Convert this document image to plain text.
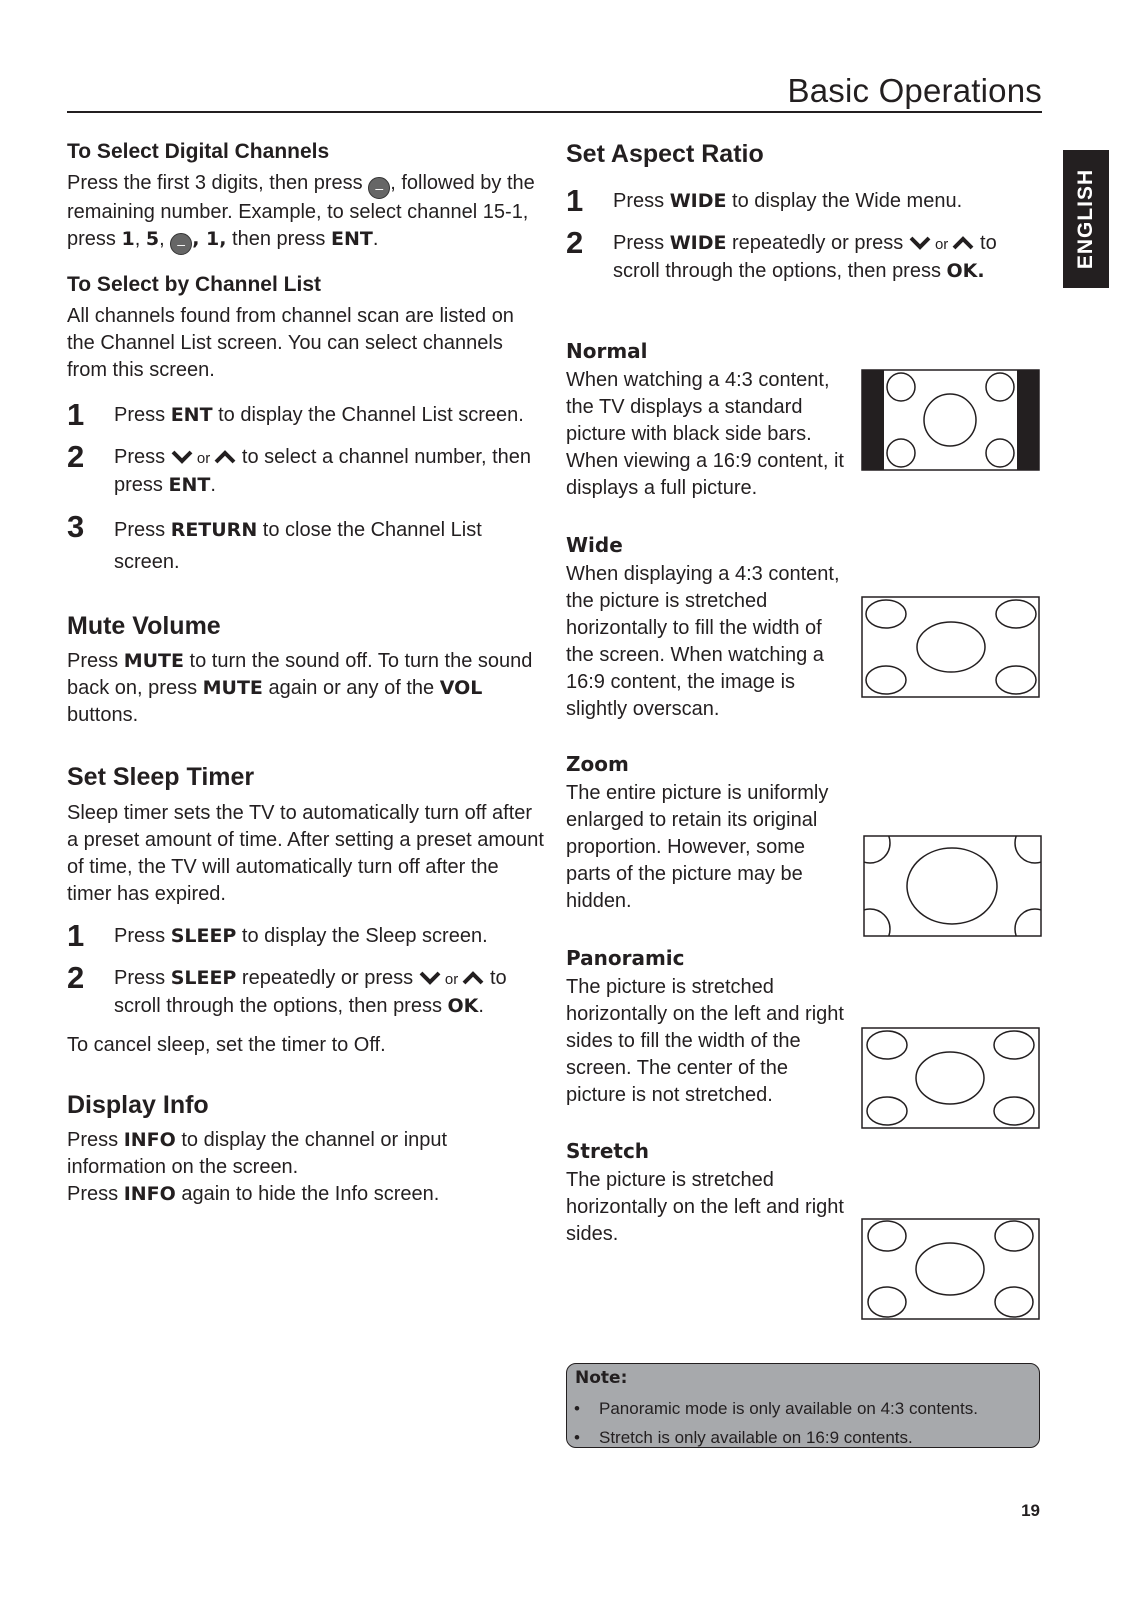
Basic Operations
ENGLISH
To Select Digital Channels

Press the first 3 digits, then press – , followed by the remaining number. Example, to select channel 15-1, press 1, 5, – , 1, then press ENT.

To Select by Channel List

All channels found from channel scan are listed on the Channel List screen. You can select channels from this screen.

1 Press ENT to display the Channel List screen.
2 Press  or  to select a channel number, then press ENT.
3 Press RETURN to close the Channel List screen.
Mute Volume

Press MUTE to turn the sound off. To turn the sound back on, press MUTE again or any of the VOL buttons.

Set Sleep Timer

Sleep timer sets the TV to automatically turn off after a preset amount of time. After setting a preset amount of time, the TV will automatically turn off after the timer has expired.

1 Press SLEEP to display the Sleep screen.
2 Press SLEEP repeatedly or press  or  to scroll through the options, then press OK.

To cancel sleep, set the timer to Off.

Display Info

Press INFO to display the channel or input information on the screen.

Press INFO again to hide the Info screen.

Set Aspect Ratio
1 Press WIDE to display the Wide menu.
2 Press WIDE repeatedly or press  or  to scroll through the options, then press OK.
Normal

When watching a 4:3 content, the TV displays a standard picture with black side bars. When viewing a 16:9 content, it displays a full picture.

Wide

When displaying a 4:3 content, the picture is stretched horizontally to fill the width of the screen. When watching a 16:9 content, the image is slightly overscan.

Zoom

The entire picture is uniformly enlarged to retain its original proportion. However, some parts of the picture may be hidden.

Panoramic

The picture is stretched horizontally on the left and right sides to fill the width of the screen. The center of the picture is not stretched.

Stretch

The picture is stretched horizontally on the left and right sides.

Note:
• Panoramic mode is only available on 4:3 contents.
• Stretch is only available on 16:9 contents.
19
